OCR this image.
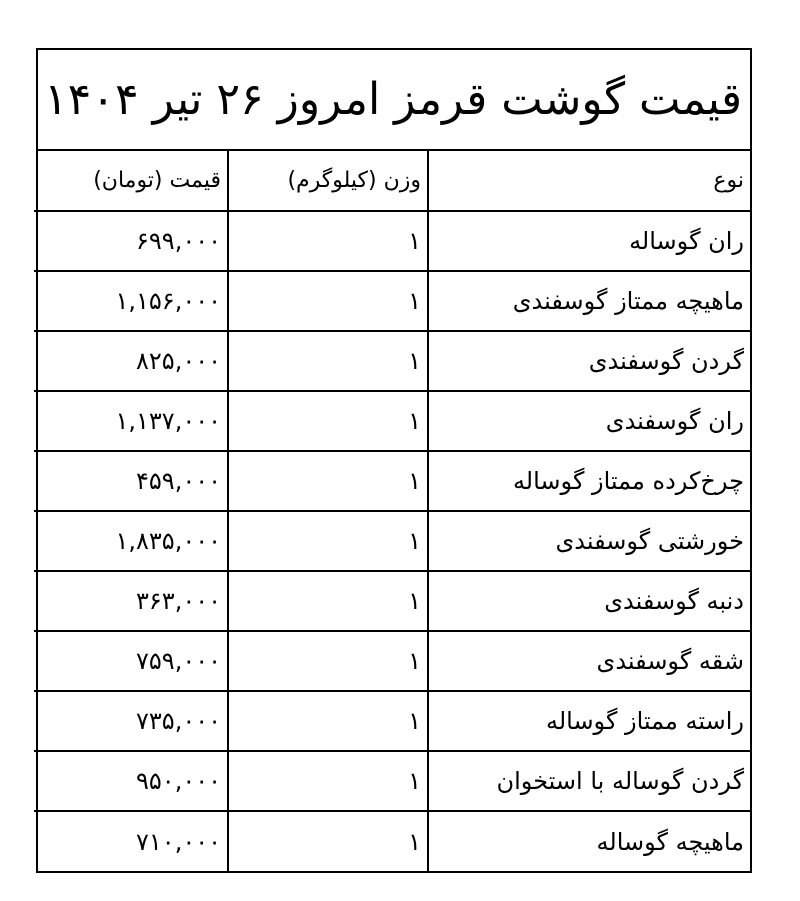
قیمت گوشت قرمز امروز ۲۶ تیر ۱۴۰۴
نوع	وزن (کیلوگرم)	قیمت (تومان)
ران گوساله	۱	۶۹۹,۰۰۰
ماهیچه ممتاز گوسفندی	۱	۱,۱۵۶,۰۰۰
گردن گوسفندی	۱	۸۲۵,۰۰۰
ران گوسفندی	۱	۱,۱۳۷,۰۰۰
چرخ‌کرده ممتاز گوساله	۱	۴۵۹,۰۰۰
خورشتی گوسفندی	۱	۱,۸۳۵,۰۰۰
دنبه گوسفندی	۱	۳۶۳,۰۰۰
شقه گوسفندی	۱	۷۵۹,۰۰۰
راسته ممتاز گوساله	۱	۷۳۵,۰۰۰
گردن گوساله با استخوان	۱	۹۵۰,۰۰۰
ماهیچه گوساله	۱	۷۱۰,۰۰۰
